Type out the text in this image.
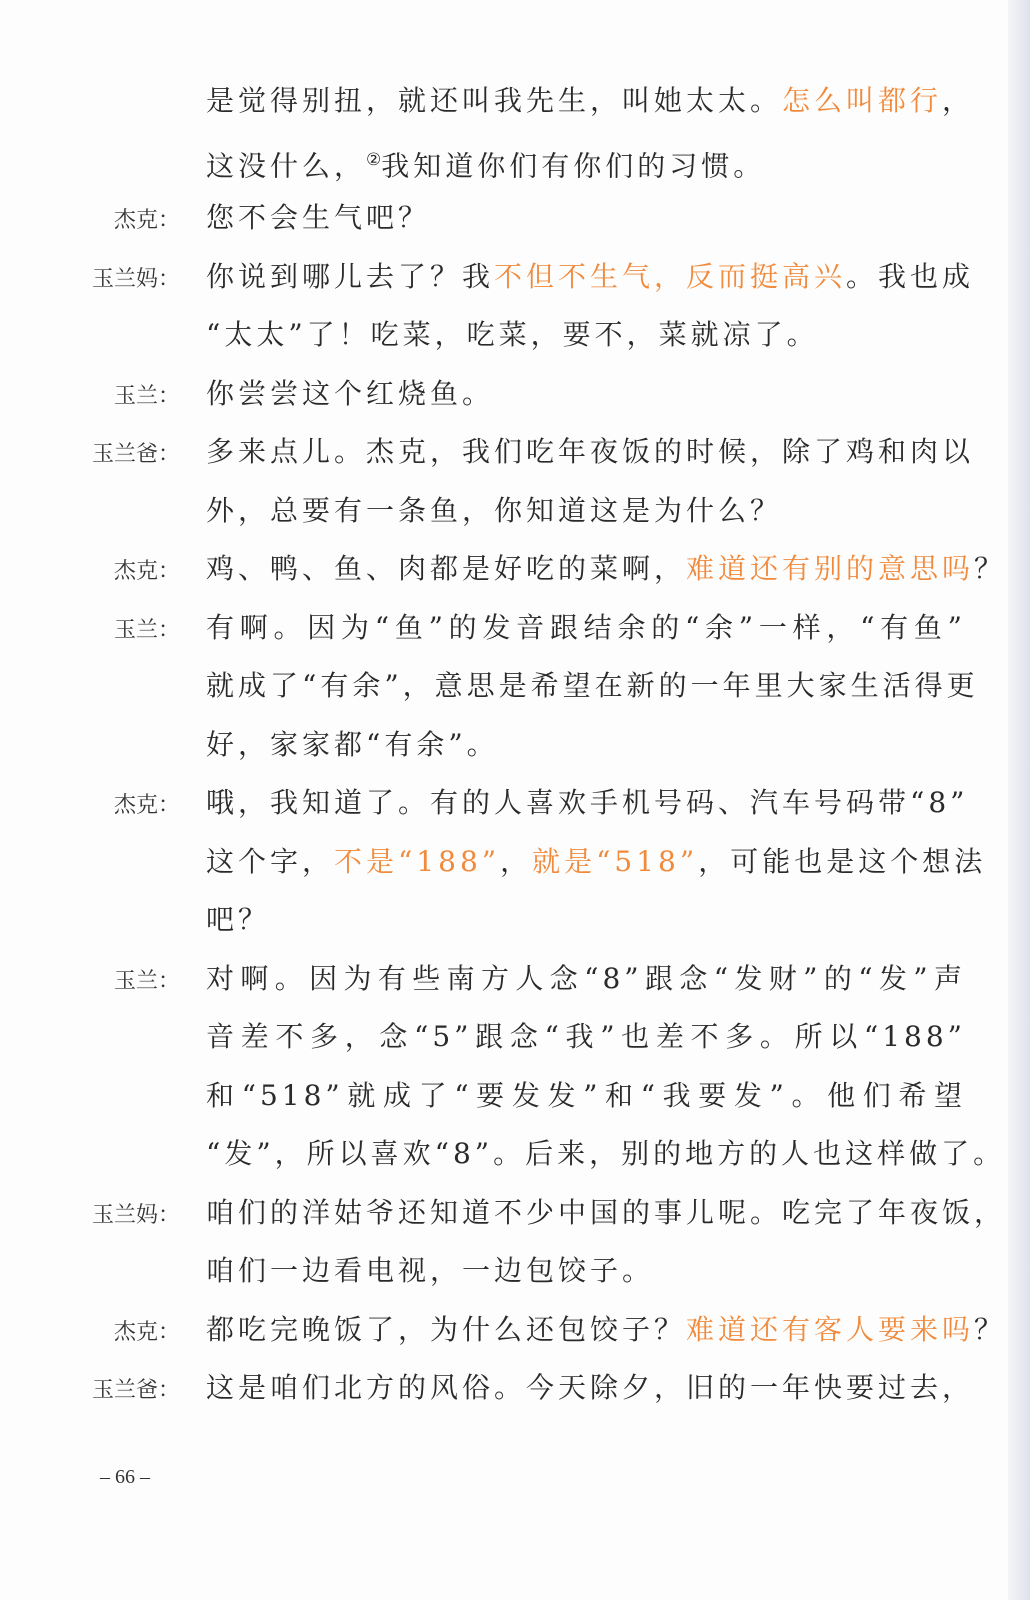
是觉得别扭，就还叫我先生，叫她太太。怎么叫都行，
这没什么，②我知道你们有你们的习惯。
杰克： 您不会生气吧？
玉兰妈： 你说到哪儿去了？我不但不生气，反而挺高兴。我也成
“太太”了！吃菜，吃菜，要不，菜就凉了。
玉兰： 你尝尝这个红烧鱼。
玉兰爸： 多来点儿。杰克，我们吃年夜饭的时候，除了鸡和肉以
外，总要有一条鱼，你知道这是为什么？
杰克： 鸡、鸭、鱼、肉都是好吃的菜啊，难道还有别的意思吗？
玉兰： 有啊。因为“鱼”的发音跟结余的“余”一样，“有鱼”
就成了“有余”，意思是希望在新的一年里大家生活得更
好，家家都“有余”。
杰克： 哦，我知道了。有的人喜欢手机号码、汽车号码带“8”
这个字，不是“188”，就是“518”，可能也是这个想法
吧？
玉兰： 对啊。因为有些南方人念“8”跟念“发财”的“发”声
音差不多，念“5”跟念“我”也差不多。所以“188”
和“518”就成了“要发发”和“我要发”。他们希望
“发”，所以喜欢“8”。后来，别的地方的人也这样做了。
玉兰妈： 咱们的洋姑爷还知道不少中国的事儿呢。吃完了年夜饭，
咱们一边看电视，一边包饺子。
杰克： 都吃完晚饭了，为什么还包饺子？难道还有客人要来吗？
玉兰爸： 这是咱们北方的风俗。今天除夕，旧的一年快要过去，
– 66 –
